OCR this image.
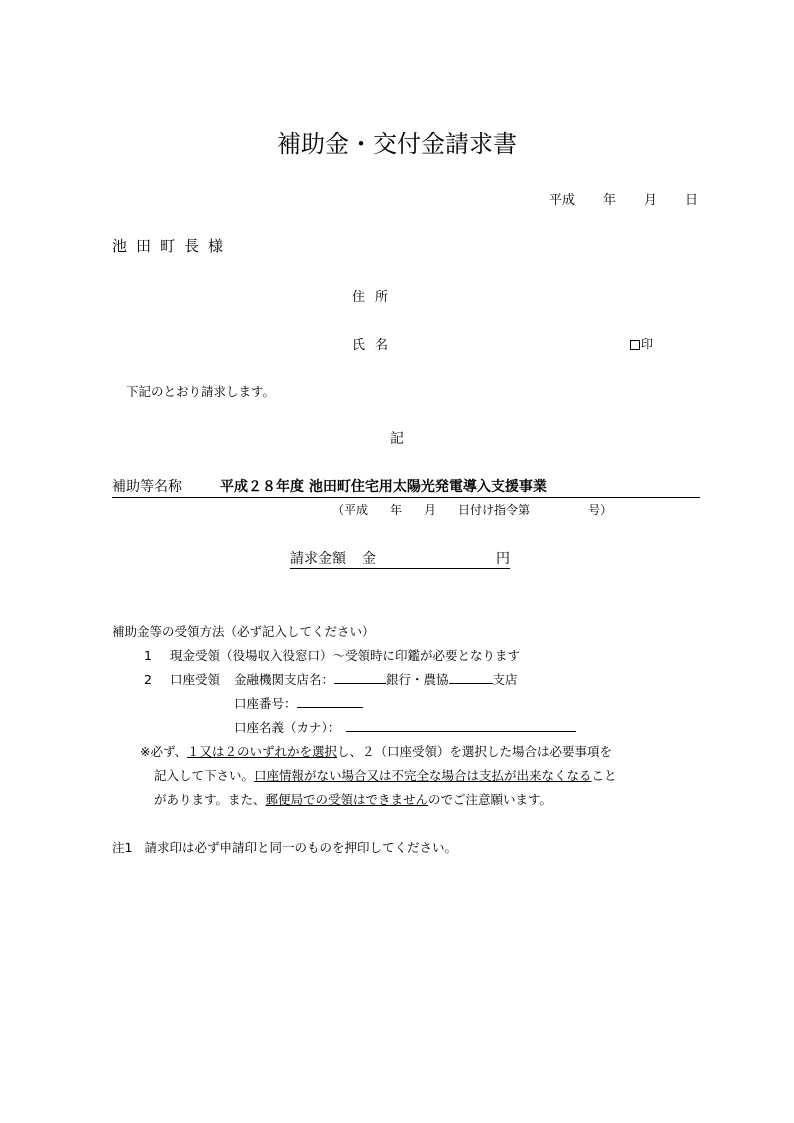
補助金・交付金請求書
平成 年 月 日
池田町長様
住所
氏名	印
下記のとおり請求します。
記
補助等名称	平成２８年度 池田町住宅用太陽光発電導入支援事業
（平成 年 月 日付け指令第	号）
請求金額 金	円
補助金等の受領方法（必ず記入してください）
1 現金受領（役場収入役窓口）～受領時に印鑑が必要となります
2 口座受領 金融機関支店名：	銀行・農協	支店
口座番号：
口座名義（カナ）：
※必ず、１又は２のいずれかを選択し、２（口座受領）を選択した場合は必要事項を
記入して下さい。口座情報がない場合又は不完全な場合は支払が出来なくなること
があります。また、郵便局での受領はできませんのでご注意願います。
注1 請求印は必ず申請印と同一のものを押印してください。
